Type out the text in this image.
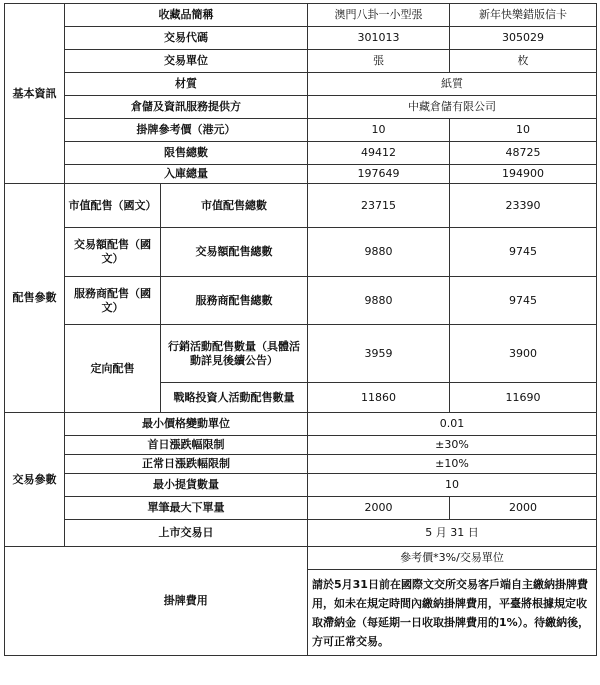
基本資訊	收藏品簡稱		澳門八卦一小型張	新年快樂錯版信卡
	交易代碼		301013	305029
	交易單位		張	枚
	材質		紙質	
	倉儲及資訊服務提供方		中藏倉儲有限公司	
	掛牌參考價（港元）		10	10
	限售總數		49412	48725
	入庫總量		197649	194900
配售參數	市值配售（國文）	市值配售總數	23715	23390
	交易額配售（國文）	交易額配售總數	9880	9745
	服務商配售（國文）	服務商配售總數	9880	9745
	定向配售	行銷活動配售數量（具體活動詳見後續公告）	3959	3900
		戰略投資人活動配售數量	11860	11690
交易參數	最小價格變動單位		0.01	
	首日漲跌幅限制		±30%	
	正常日漲跌幅限制		±10%	
	最小提貨數量		10	
	單筆最大下單量		2000	2000
	上市交易日		5 月 31 日	
	掛牌費用		參考價*3%/交易單位	
			請於5月31日前在國際文交所交易客戶端自主繳納掛牌費用，如未在規定時間內繳納掛牌費用，平臺將根據規定收取滯納金（每延期一日收取掛牌費用的1%）。待繳納後，方可正常交易。	
